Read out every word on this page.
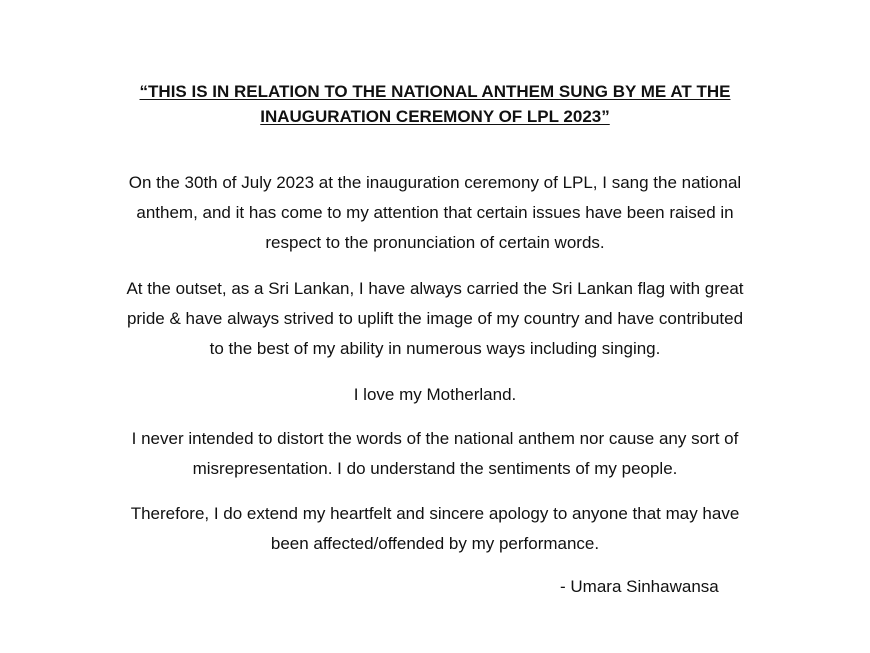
“THIS IS IN RELATION TO THE NATIONAL ANTHEM SUNG BY ME AT THE
INAUGURATION CEREMONY OF LPL 2023”

On the 30th of July 2023 at the inauguration ceremony of LPL, I sang the national
anthem, and it has come to my attention that certain issues have been raised in
respect to the pronunciation of certain words.

At the outset, as a Sri Lankan, I have always carried the Sri Lankan flag with great
pride & have always strived to uplift the image of my country and have contributed
to the best of my ability in numerous ways including singing.

I love my Motherland.

I never intended to distort the words of the national anthem nor cause any sort of
misrepresentation. I do understand the sentiments of my people.

Therefore, I do extend my heartfelt and sincere apology to anyone that may have
been affected/offended by my performance.

- Umara Sinhawansa
